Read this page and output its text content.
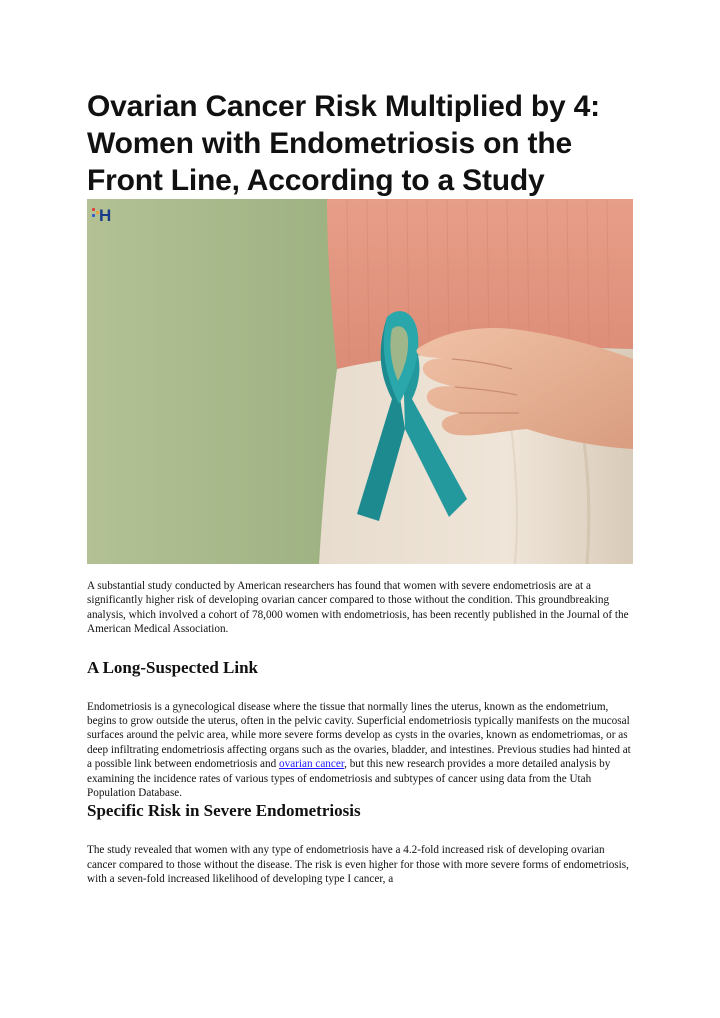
Ovarian Cancer Risk Multiplied by 4: Women with Endometriosis on the Front Line, According to a Study
H

A substantial study conducted by American researchers has found that women with severe endometriosis are at a significantly higher risk of developing ovarian cancer compared to those without the condition. This groundbreaking analysis, which involved a cohort of 78,000 women with endometriosis, has been recently published in the Journal of the American Medical Association.

A Long-Suspected Link

Endometriosis is a gynecological disease where the tissue that normally lines the uterus, known as the endometrium, begins to grow outside the uterus, often in the pelvic cavity. Superficial endometriosis typically manifests on the mucosal surfaces around the pelvic area, while more severe forms develop as cysts in the ovaries, known as endometriomas, or as deep infiltrating endometriosis affecting organs such as the ovaries, bladder, and intestines. Previous studies had hinted at a possible link between endometriosis and ovarian cancer, but this new research provides a more detailed analysis by examining the incidence rates of various types of endometriosis and subtypes of cancer using data from the Utah Population Database.

Specific Risk in Severe Endometriosis

The study revealed that women with any type of endometriosis have a 4.2-fold increased risk of developing ovarian cancer compared to those without the disease. The risk is even higher for those with more severe forms of endometriosis, with a seven-fold increased likelihood of developing type I cancer, a
